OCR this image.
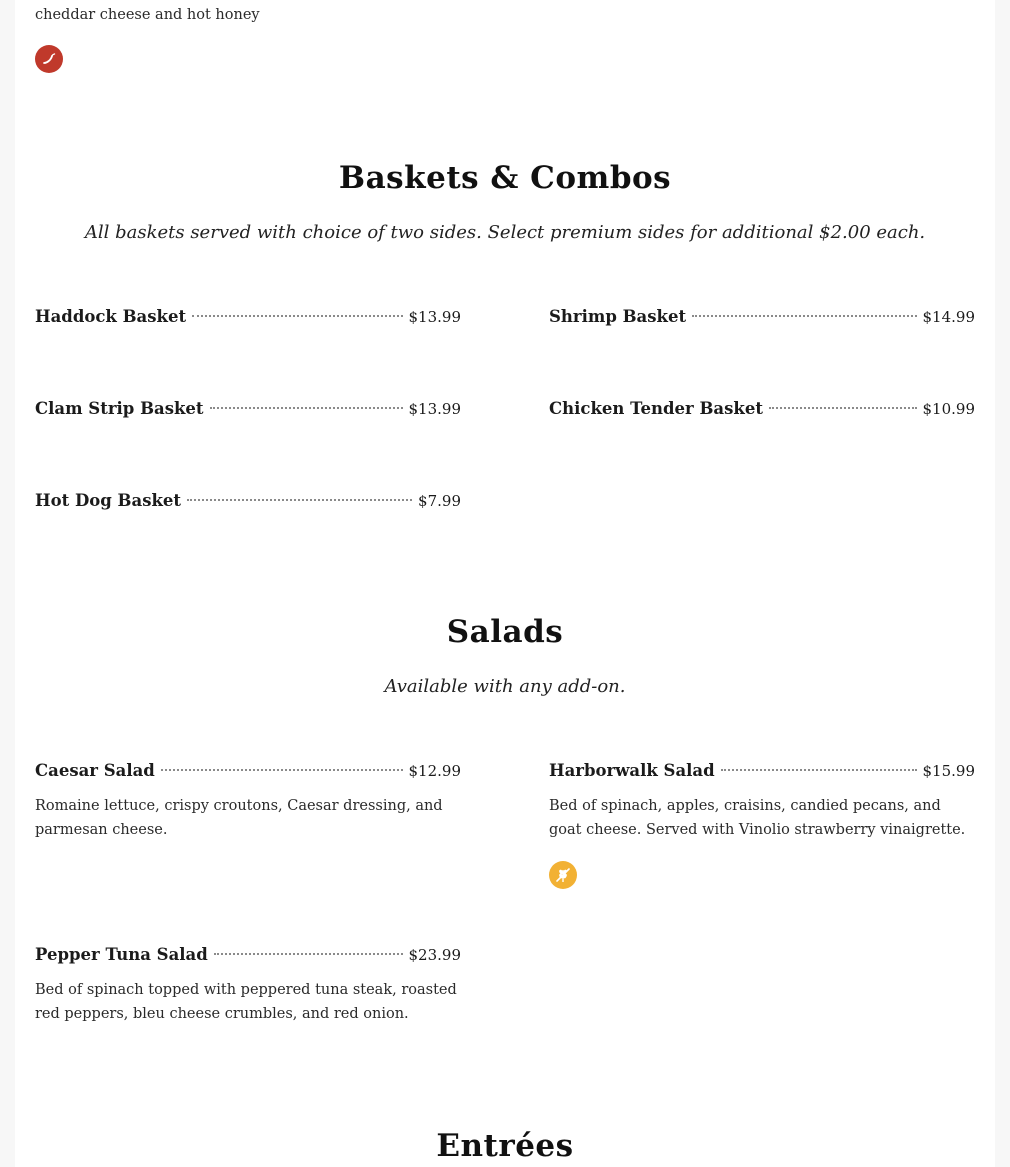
cheddar cheese and hot honey
Baskets & Combos

All baskets served with choice of two sides. Select premium sides for additional $2.00 each.

Haddock Basket	$13.99	Shrimp Basket	$14.99
Clam Strip Basket	$13.99	Chicken Tender Basket	$10.99
Hot Dog Basket	$7.99
Salads

Available with any add-on.

Caesar Salad	$12.99
Romaine lettuce, crispy croutons, Caesar dressing, and parmesan cheese.
Harborwalk Salad	$15.99
Bed of spinach, apples, craisins, candied pecans, and goat cheese. Served with Vinolio strawberry vinaigrette.
Pepper Tuna Salad	$23.99
Bed of spinach topped with peppered tuna steak, roasted red peppers, bleu cheese crumbles, and red onion.
Entrées
